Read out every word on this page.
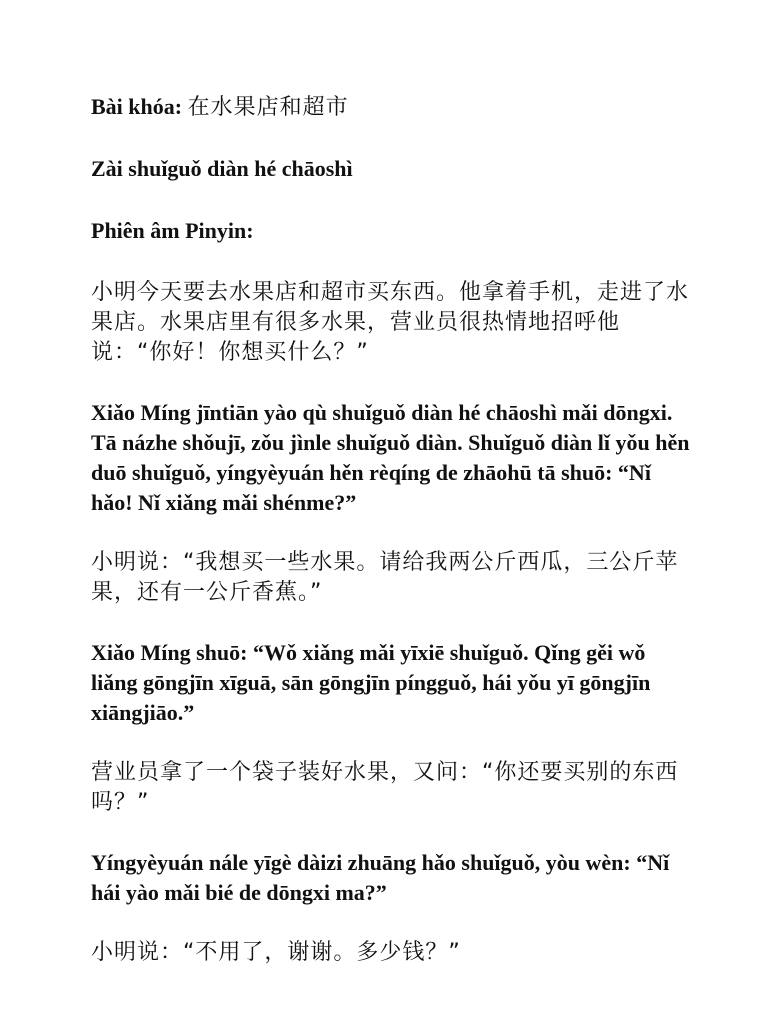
Bài khóa: 在水果店和超市

Zài shuǐguǒ diàn hé chāoshì

Phiên âm Pinyin:

小明今天要去水果店和超市买东西。他拿着手机，走进了水果店。水果店里有很多水果，营业员很热情地招呼他说：“你好！你想买什么？”

Xiǎo Míng jīntiān yào qù shuǐguǒ diàn hé chāoshì mǎi dōngxi. Tā názhe shǒujī, zǒu jìnle shuǐguǒ diàn. Shuǐguǒ diàn lǐ yǒu hěn duō shuǐguǒ, yíngyèyuán hěn rèqíng de zhāohū tā shuō: “Nǐ hǎo! Nǐ xiǎng mǎi shénme?”

小明说：“我想买一些水果。请给我两公斤西瓜，三公斤苹果，还有一公斤香蕉。”

Xiǎo Míng shuō: “Wǒ xiǎng mǎi yīxiē shuǐguǒ. Qǐng gěi wǒ liǎng gōngjīn xīguā, sān gōngjīn píngguǒ, hái yǒu yī gōngjīn xiāngjiāo.”

营业员拿了一个袋子装好水果，又问：“你还要买别的东西吗？”

Yíngyèyuán nále yīgè dàizi zhuāng hǎo shuǐguǒ, yòu wèn: “Nǐ hái yào mǎi bié de dōngxi ma?”

小明说：“不用了，谢谢。多少钱？”
